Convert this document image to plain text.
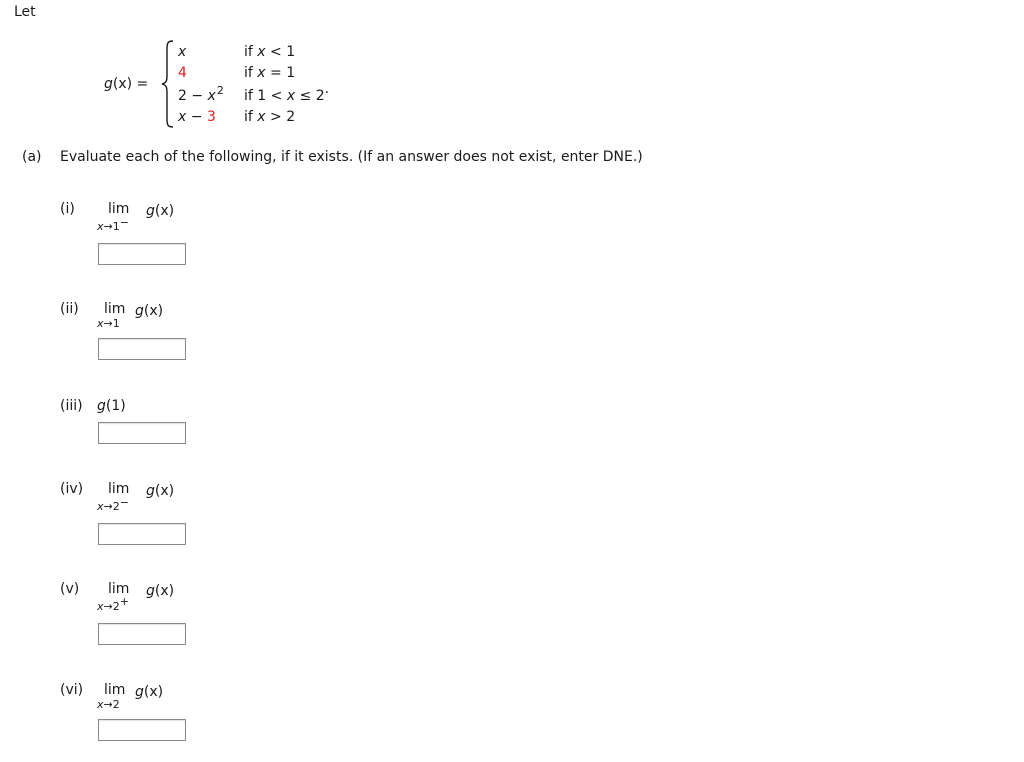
Let
g(x) =
x	if x < 1
4	if x = 1
$2 - x^2$ if 1 < x ≤ 2.
x − 3 if x > 2
(a) Evaluate each of the following, if it exists. (If an answer does not exist, enter DNE.)
(i) lim
x→1−
g(x)
(ii) lim
x→1
g(x)
(iii) g(1)
(iv) lim
x→2−
g(x)
(v) lim
x→2+
g(x)
(vi) lim
x→2
g(x)
